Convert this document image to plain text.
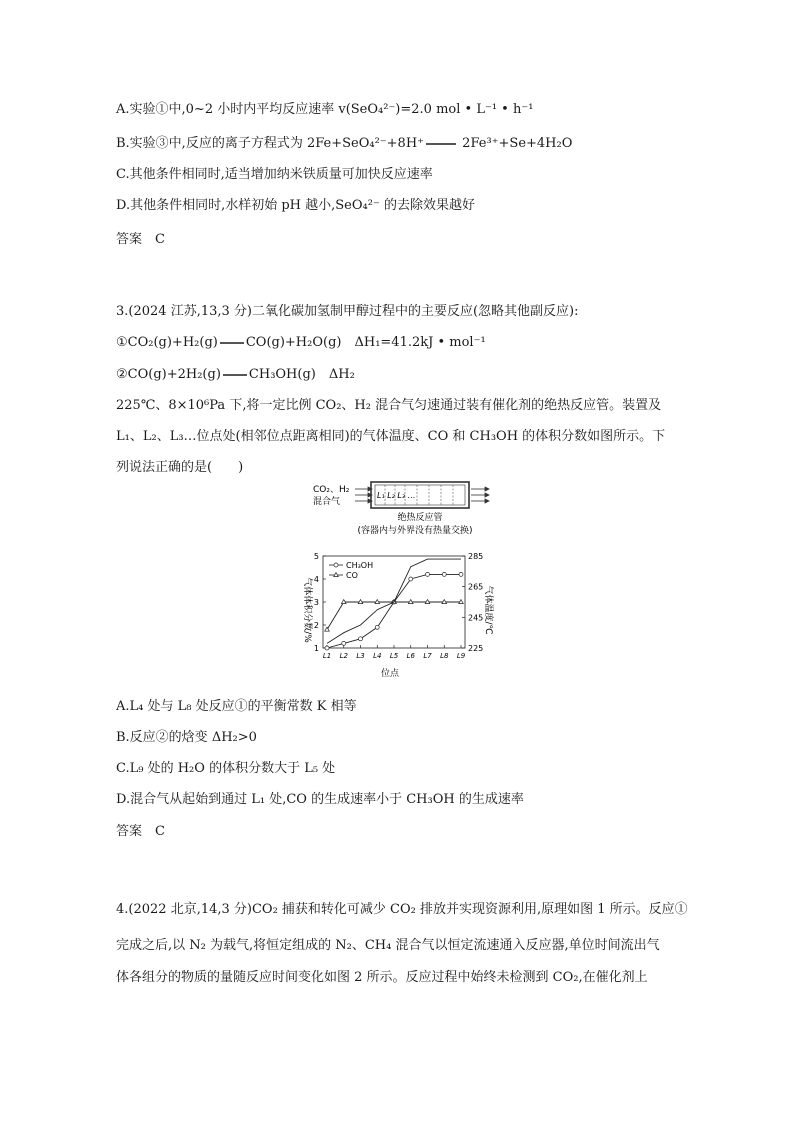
A.实验①中,0~2 小时内平均反应速率 v(SeO₄²⁻)=2.0 mol • L⁻¹ • h⁻¹
B.实验③中,反应的离子方程式为 2Fe+SeO₄²⁻+8H⁺	2Fe³⁺+Se+4H₂O
C.其他条件相同时,适当增加纳米铁质量可加快反应速率
D.其他条件相同时,水样初始 pH 越小,SeO₄²⁻ 的去除效果越好
答案　C
3.(2024 江苏,13,3 分)二氧化碳加氢制甲醇过程中的主要反应(忽略其他副反应):
①CO₂(g)+H₂(g) CO(g)+H₂O(g)　ΔH₁=41.2kJ • mol⁻¹
②CO(g)+2H₂(g) CH₃OH(g)　ΔH₂
225℃、8×10⁶Pa 下,将一定比例 CO₂、H₂ 混合气匀速通过装有催化剂的绝热反应管。装置及
L₁、L₂、L₃…位点处(相邻位点距离相同)的气体温度、CO 和 CH₃OH 的体积分数如图所示。下
列说法正确的是(　　)
CO₂、H₂
混合气
L₁ L₂ L₃ …
绝热反应管
(容器内与外界没有热量交换)
气体体积分数/%	气体温度/℃
位点
1
2
3
4
5
225
245
265
285
L1 L2 L3 L4 L5 L6 L7 L8 L9
CH₃OH
CO
A.L₄ 处与 L₈ 处反应①的平衡常数 K 相等
B.反应②的焓变 ΔH₂>0
C.L₉ 处的 H₂O 的体积分数大于 L₅ 处
D.混合气从起始到通过 L₁ 处,CO 的生成速率小于 CH₃OH 的生成速率
答案　C
4.(2022 北京,14,3 分)CO₂ 捕获和转化可减少 CO₂ 排放并实现资源利用,原理如图 1 所示。反应①
完成之后,以 N₂ 为载气,将恒定组成的 N₂、CH₄ 混合气以恒定流速通入反应器,单位时间流出气
体各组分的物质的量随反应时间变化如图 2 所示。反应过程中始终未检测到 CO₂,在催化剂上
